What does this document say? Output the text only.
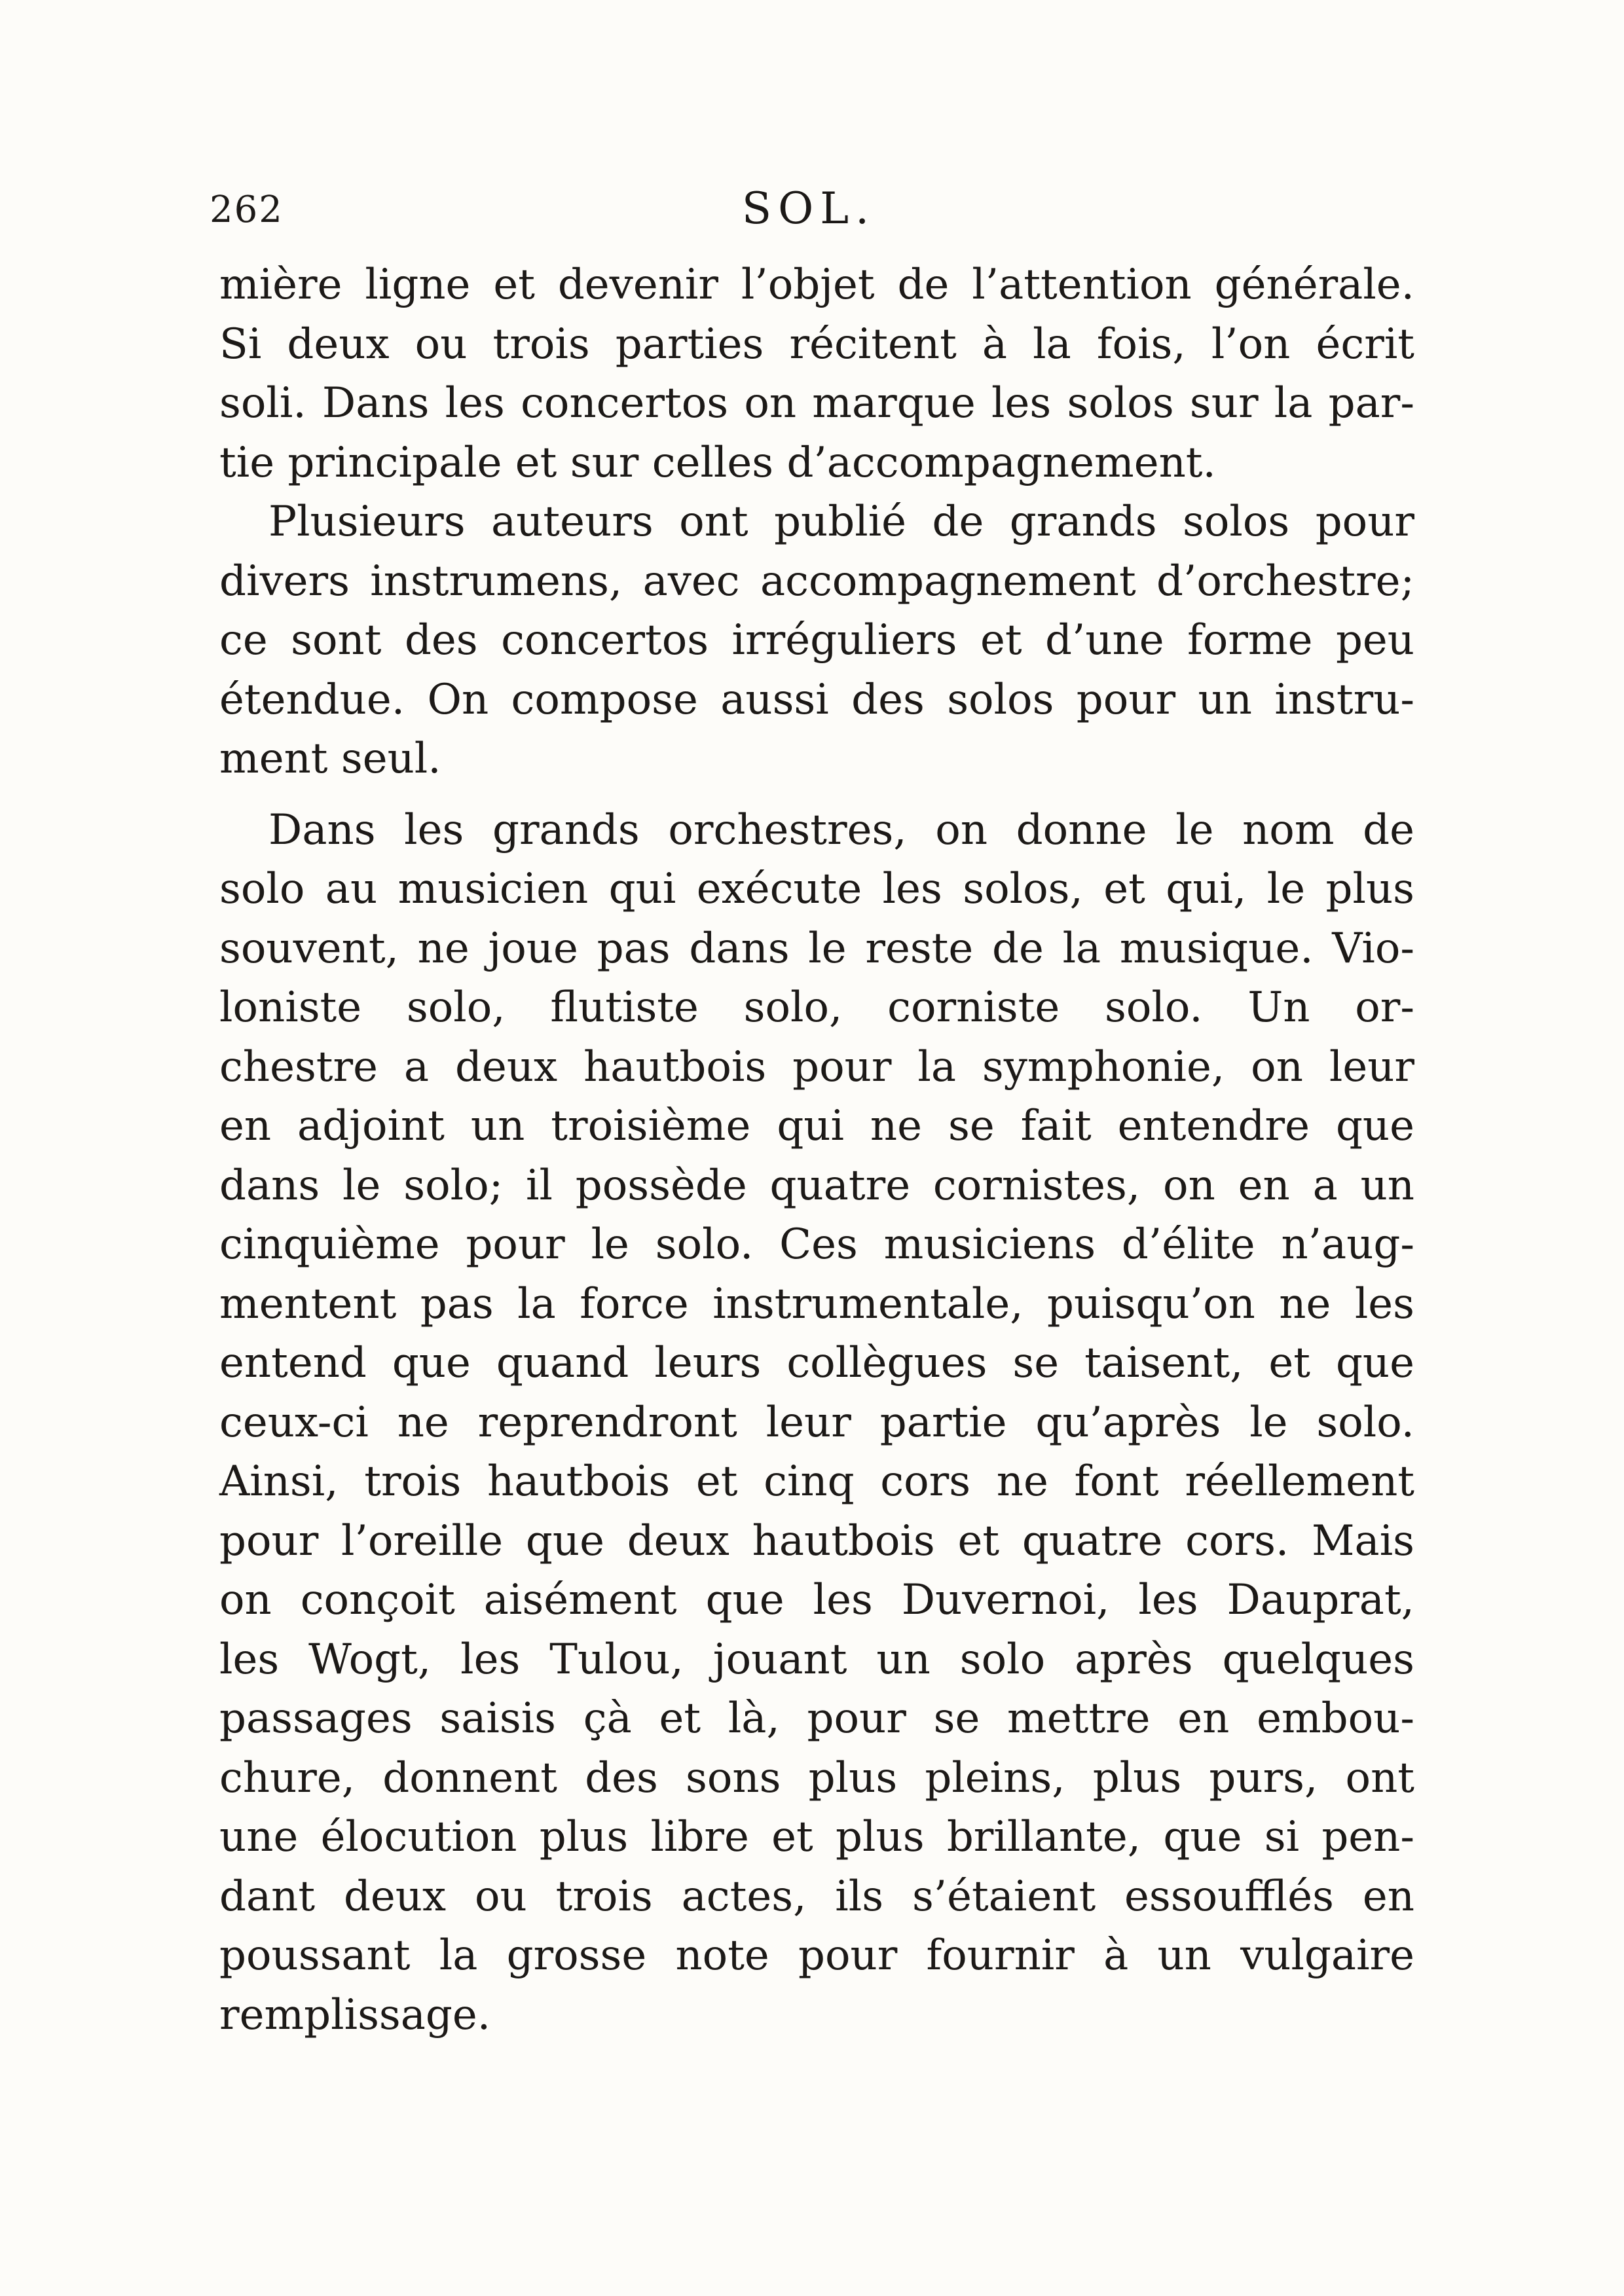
262	SOL.
mière ligne et devenir l’objet de l’attention générale.
Si deux ou trois parties récitent à la fois, l’on écrit
soli. Dans les concertos on marque les solos sur la par-
tie principale et sur celles d’accompagnement.
Plusieurs auteurs ont publié de grands solos pour
divers instrumens, avec accompagnement d’orchestre;
ce sont des concertos irréguliers et d’une forme peu
étendue. On compose aussi des solos pour un instru-
ment seul.
Dans les grands orchestres, on donne le nom de
solo au musicien qui exécute les solos, et qui, le plus
souvent, ne joue pas dans le reste de la musique. Vio-
loniste solo, flutiste solo, corniste solo. Un or-
chestre a deux hautbois pour la symphonie, on leur
en adjoint un troisième qui ne se fait entendre que
dans le solo; il possède quatre cornistes, on en a un
cinquième pour le solo. Ces musiciens d’élite n’aug-
mentent pas la force instrumentale, puisqu’on ne les
entend que quand leurs collègues se taisent, et que
ceux-ci ne reprendront leur partie qu’après le solo.
Ainsi, trois hautbois et cinq cors ne font réellement
pour l’oreille que deux hautbois et quatre cors. Mais
on conçoit aisément que les Duvernoi, les Dauprat,
les Wogt, les Tulou, jouant un solo après quelques
passages saisis çà et là, pour se mettre en embou-
chure, donnent des sons plus pleins, plus purs, ont
une élocution plus libre et plus brillante, que si pen-
dant deux ou trois actes, ils s’étaient essoufflés en
poussant la grosse note pour fournir à un vulgaire
remplissage.
